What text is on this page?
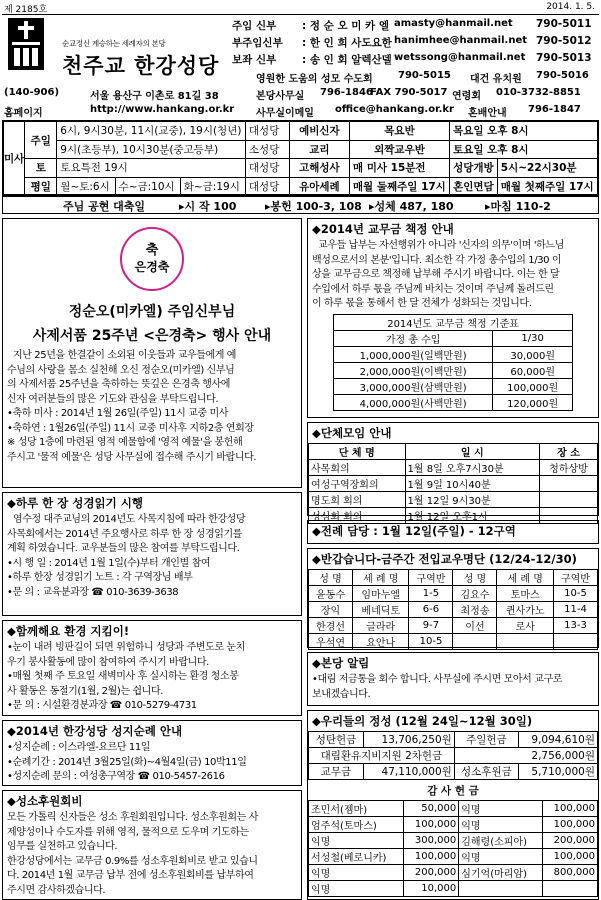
제 2185호	2014. 1. 5.
순교정신 계승하는 세례자의 본당
천주교 한강성당
주임 신부 : 정 순 오 미 카 엘 amasty@hanmail.net 790-5011
부주임신부 : 한 인 희 사도요한 hanimhee@hanmail.net 790-5012
보좌 신부 : 송 인 회 알렉산델 wetssong@hanmail.net 790-5013
영원한 도움의 성모 수도회	790-5015 대건 유치원 790-5016
(140-906)	서울 용산구 이촌로 81길 38	본당사무실 796-1846
FAX 790-5017 연령회 010-3732-8851
홈페이지	http://www.hankang.or.kr 사무실이메일 office@hankang.or.kr 혼배안내 796-1847
미사	주일	6시, 9시30분, 11시(교중), 19시(청년)			대성당	예비신자	목요반	목요일 오후 8시	
		9시(초등부), 10시30분(중고등부)			소성당	교리	외짝교우반	토요일 오후 8시	
	토	토요특전 19시			대성당	고해성사	매 미사 15분전	성당개방	5시~22시30분
	평일	월~토:6시	수~금:10시	화~금:19시	대성당	유아세례	매월 둘째주일 17시	혼인면담	매월 첫째주일 17시
주님 공현 대축일	▸시 작 100	▸봉헌 100-3, 108 ▸성체 487, 180	▸마침 110-2
축
은경축
정순오(미카엘) 주임신부님
사제서품 25주년 <은경축> 행사 안내

지난 25년을 한결같이 소외된 이웃들과 교우들에게 예

수님의 사랑을 몸소 실천해 오신 정순오(미카엘) 신부님

의 사제서품 25주년을 축하하는 뜻깊은 은경축 행사에

신자 여러분들의 많은 기도와 관심을 부탁드립니다.

•축하 미사 : 2014년 1월 26일(주일) 11시 교중 미사

•축하연 : 1월26일(주일) 11시 교중 미사후 지하2층 연회장

※ 성당 1층에 마련된 영적 예물함에 '영적 예물'을 봉헌해

주시고 '물적 예물'은 성당 사무실에 접수해 주시기 바랍니다.

◆하루 한 장 성경읽기 시행

염수정 대주교님의 2014년도 사목지침에 따라 한강성당

사목회에서는 2014년 주요행사로 하루 한 장 성경읽기를

계획 하였습니다. 교우분들의 많은 참여를 부탁드립니다.

•시 행 일 : 2014년 1월 1일(수)부터 개인별 참여

•하루 한장 성경읽기 노트 : 각 구역장님 배부

•문 의 : 교육분과장 ☎ 010-3639-3638

◆함께해요 환경 지킴이!

•눈이 내려 빙판길이 되면 위험하니 성당과 주변도로 눈치

우기 봉사활동에 많이 참여하여 주시기 바랍니다.

•매월 첫째 주 토요일 새벽미사 후 실시하는 환경 청소봉

사 활동은 동절기(1월, 2월)는 쉽니다.

•문 의 : 시설환경분과장 ☎ 010-5279-4731

◆2014년 한강성당 성지순례 안내

•성지순례 : 이스라엘-요르단 11일

•순례기간 : 2014년 3월25일(화)~4월4일(금) 10박11일

•성지순례 문의 : 여성총구역장 ☎ 010-5457-2616

◆성소후원회비

모든 가톨릭 신자들은 성소 후원회원입니다. 성소후원회는 사

제양성이나 수도자를 위해 영적, 물적으로 도우며 기도하는

임무를 실천하고 있습니다.

한강성당에서는 교무금 0.9%를 성소후원회비로 받고 있습니

다. 2014년 1월 교무금 납부 전에 성소후원회비를 납부하여

주시면 감사하겠습니다.

◆2014년 교무금 책정 안내

교우들 납부는 자선행위가 아니라 '신자의 의무'이며 '하느님

백성으로서의 본분'입니다. 최소한 각 가정 총수입의 1/30 이

상을 교무금으로 책정해 납부해 주시기 바랍니다. 이는 한 달

수입에서 하루 몫을 주님께 바치는 것이며 주님께 돌려드린

이 하루 몫을 통해서 한 달 전체가 성화되는 것입니다.

2014년도 교무금 책정 기준표	
가정 총 수입	1/30
1,000,000원(일백만원)	30,000원
2,000,000원(이백만원)	60,000원
3,000,000원(삼백만원)	100,000원
4,000,000원(사백만원)	120,000원
◆단체모임 안내
단 체 명	일 시	장 소
사목회의	1월 8일 오후7시30분	청하상방
여성구역장회의	1월 9일 10시40분	
명도회 회의	1월 12일 9시30분	
성심회 회의	1월 12일 오후1시	
◆전례 담당 : 1월 12일(주일) - 12구역
◆반갑습니다-금주간 전입교우명단 (12/24-12/30)
성 명	세 례 명	구역반	성 명	세 례 명	구역반
윤동수	임마누엘	1-5	김요수	토마스	10-5
장익	베네딕토	6-6	최정송	퀸사가노	11-4
한경선	글라라	9-7	이선	로사	13-3
우석연	요안나	10-5			
◆본당 알림

•대림 저금통을 회수 합니다. 사무실에 주시면 모아서 교구로

보내겠습니다.

◆우리들의 정성 (12월 24일~12월 30일)
성탄헌금	13,706,250원	주일헌금	9,094,610원
대림환유지비지원 2차헌금		2,756,000원	
교무금	47,110,000원	성소후원금	5,710,000원
감 사 헌 금
조민서(젬마)	50,000	익명	100,000
엄주석(토마스)	100,000	익명	100,000
익명	300,000	김해령(소피아)	200,000
서성철(베로니카)	100,000	익명	100,000
익명	200,000	심기억(마리암)	800,000
익명	10,000		
